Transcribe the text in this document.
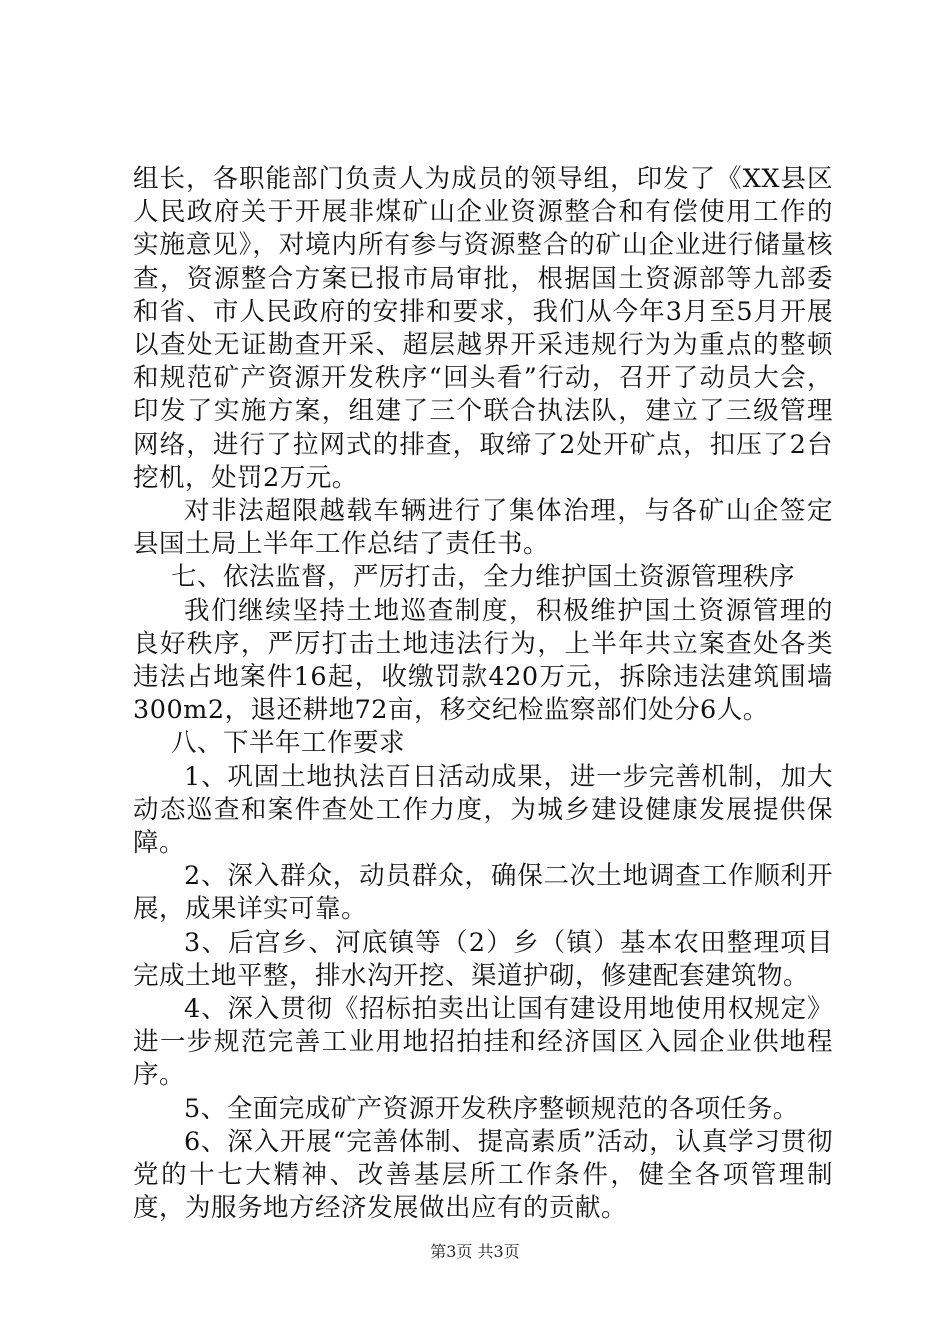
组长，各职能部门负责人为成员的领导组，印发了《XX县区人民政府关于开展非煤矿山企业资源整合和有偿使用工作的实施意见》，对境内所有参与资源整合的矿山企业进行储量核查，资源整合方案已报市局审批，根据国土资源部等九部委和省、市人民政府的安排和要求，我们从今年3月至5月开展以查处无证勘查开采、超层越界开采违规行为为重点的整顿和规范矿产资源开发秩序“回头看”行动，召开了动员大会，印发了实施方案，组建了三个联合执法队，建立了三级管理网络，进行了拉网式的排查，取缔了2处开矿点，扣压了2台挖机，处罚2万元。

对非法超限越载车辆进行了集体治理，与各矿山企签定县国土局上半年工作总结了责任书。

七、依法监督，严厉打击，全力维护国土资源管理秩序

我们继续坚持土地巡查制度，积极维护国土资源管理的良好秩序，严厉打击土地违法行为，上半年共立案查处各类违法占地案件16起，收缴罚款420万元，拆除违法建筑围墙300m2，退还耕地72亩，移交纪检监察部们处分6人。

八、下半年工作要求

1、巩固土地执法百日活动成果，进一步完善机制，加大动态巡查和案件查处工作力度，为城乡建设健康发展提供保障。

2、深入群众，动员群众，确保二次土地调查工作顺利开展，成果详实可靠。

3、后宫乡、河底镇等（2）乡（镇）基本农田整理项目完成土地平整，排水沟开挖、渠道护砌，修建配套建筑物。

4、深入贯彻《招标拍卖出让国有建设用地使用权规定》进一步规范完善工业用地招拍挂和经济国区入园企业供地程序。

5、全面完成矿产资源开发秩序整顿规范的各项任务。

6、深入开展“完善体制、提高素质”活动，认真学习贯彻党的十七大精神、改善基层所工作条件，健全各项管理制度，为服务地方经济发展做出应有的贡献。

第3页 共3页
